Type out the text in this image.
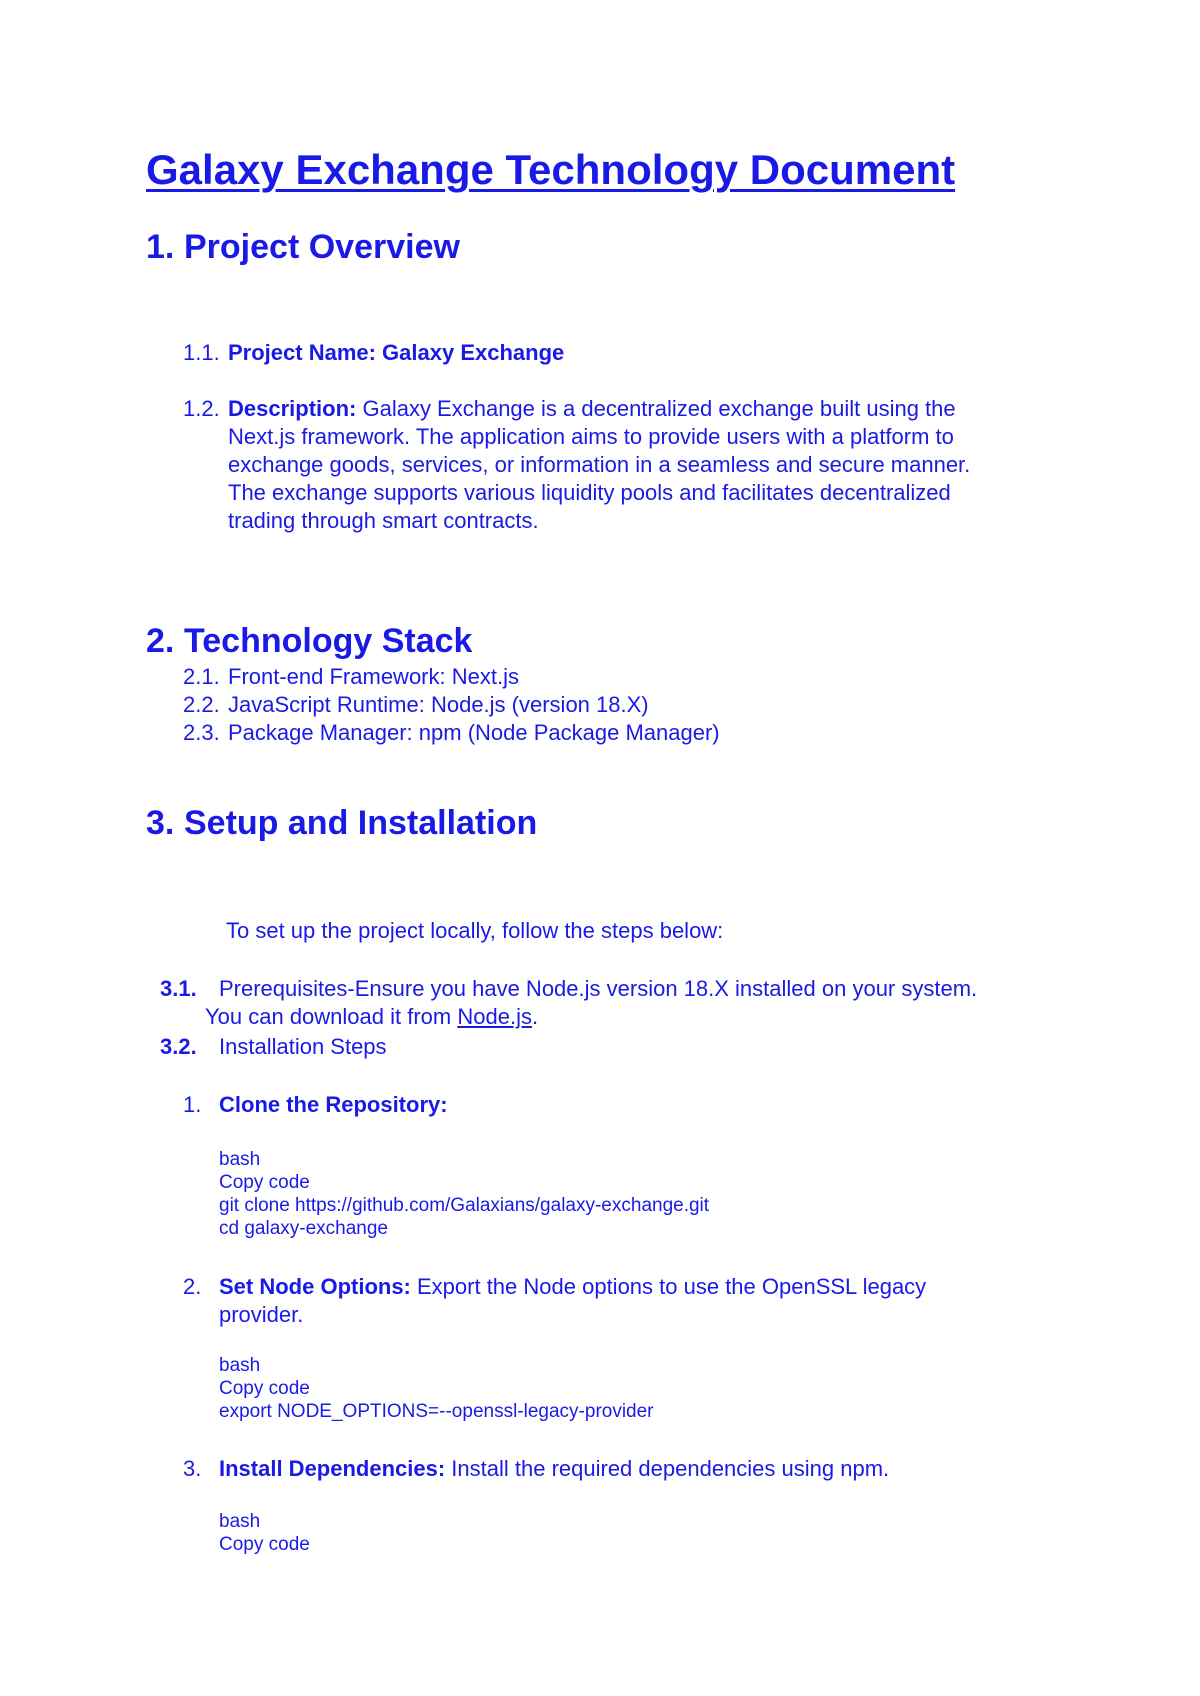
Galaxy Exchange Technology Document
1. Project Overview
1.1. Project Name: Galaxy Exchange
1.2. Description: Galaxy Exchange is a decentralized exchange built using the
Next.js framework. The application aims to provide users with a platform to
exchange goods, services, or information in a seamless and secure manner.
The exchange supports various liquidity pools and facilitates decentralized
trading through smart contracts.
2. Technology Stack
2.1. Front-end Framework: Next.js
2.2. JavaScript Runtime: Node.js (version 18.X)
2.3. Package Manager: npm (Node Package Manager)
3. Setup and Installation
To set up the project locally, follow the steps below:
3.1. Prerequisites-Ensure you have Node.js version 18.X installed on your system.
You can download it from Node.js.
3.2. Installation Steps
1. Clone the Repository:
bash
Copy code
git clone https://github.com/Galaxians/galaxy-exchange.git
cd galaxy-exchange
2. Set Node Options: Export the Node options to use the OpenSSL legacy
provider.
bash
Copy code
export NODE_OPTIONS=--openssl-legacy-provider
3. Install Dependencies: Install the required dependencies using npm.
bash
Copy code
